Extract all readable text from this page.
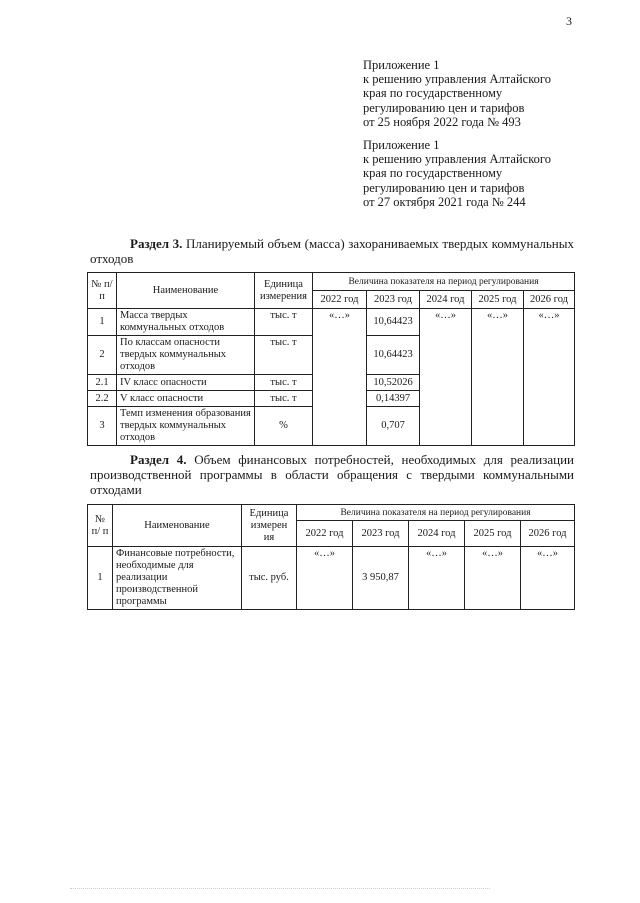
3
Приложение 1
к решению управления Алтайского
края по государственному
регулированию цен и тарифов
от 25 ноября 2022 года № 493
Приложение 1
к решению управления Алтайского
края по государственному
регулированию цен и тарифов
от 27 октября 2021 года № 244
Раздел 3. Планируемый объем (масса) захораниваемых твердых коммунальных отходов
№ п/п	Наименование	Единица измерения	Величина показателя на период регулирования				
			2022 год	2023 год	2024 год	2025 год	2026 год
1	Масса твердых коммунальных отходов	тыс. т	«…»	10,64423	«…»	«…»	«…»
2	По классам опасности твердых коммунальных отходов	тыс. т		10,64423			
2.1	IV класс опасности	тыс. т		10,52026			
2.2	V класс опасности	тыс. т		0,14397			
3	Темп изменения образования твердых коммунальных отходов	%		0,707			
Раздел 4. Объем финансовых потребностей, необходимых для реализации производственной программы в области обращения с твердыми коммунальными отходами
№ п/ п	Наименование	Единица измерен ия	Величина показателя на период регулирования				
			2022 год	2023 год	2024 год	2025 год	2026 год
1	Финансовые потребности, необходимые для реализации производственной программы	тыс. руб.	«…»	3 950,87	«…»	«…»	«…»
